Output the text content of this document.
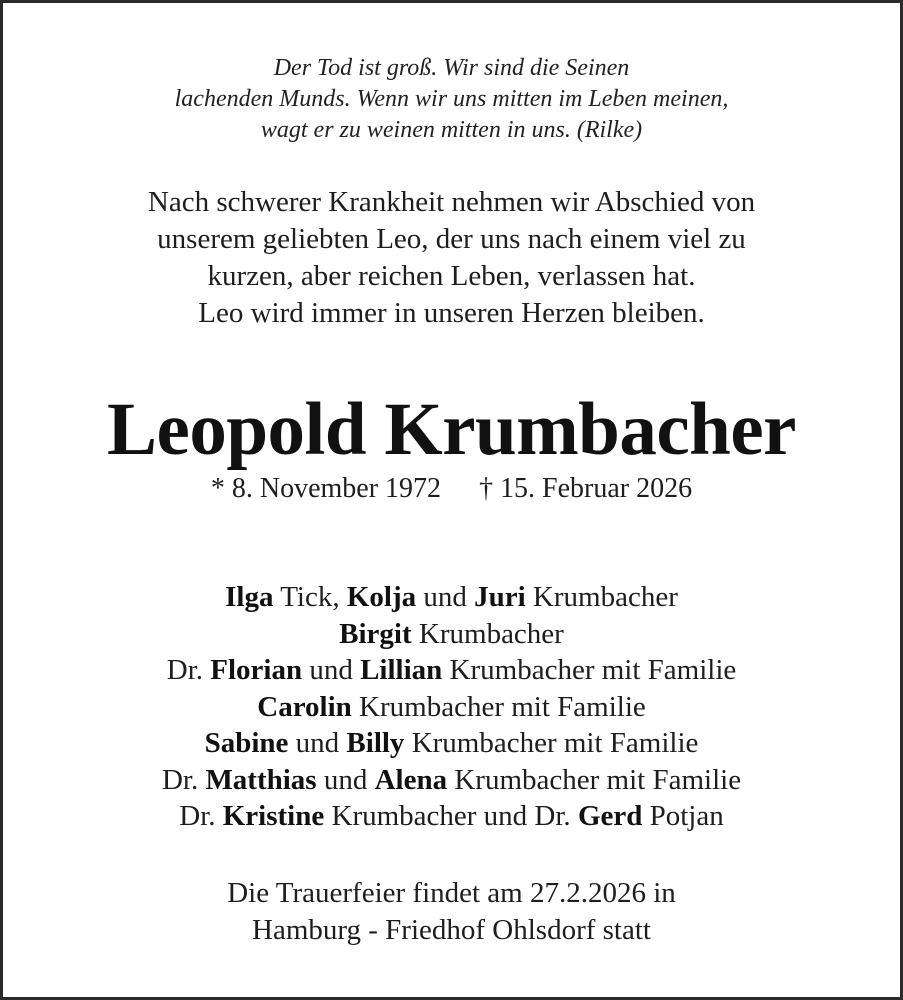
Der Tod ist groß. Wir sind die Seinen
lachenden Munds. Wenn wir uns mitten im Leben meinen,
wagt er zu weinen mitten in uns. (Rilke)
Nach schwerer Krankheit nehmen wir Abschied von
unserem geliebten Leo, der uns nach einem viel zu
kurzen, aber reichen Leben, verlassen hat.
Leo wird immer in unseren Herzen bleiben.
Leopold Krumbacher
* 8. November 1972 † 15. Februar 2026
Ilga Tick, Kolja und Juri Krumbacher
Birgit Krumbacher
Dr. Florian und Lillian Krumbacher mit Familie
Carolin Krumbacher mit Familie
Sabine und Billy Krumbacher mit Familie
Dr. Matthias und Alena Krumbacher mit Familie
Dr. Kristine Krumbacher und Dr. Gerd Potjan
Die Trauerfeier findet am 27.2.2026 in
Hamburg - Friedhof Ohlsdorf statt
